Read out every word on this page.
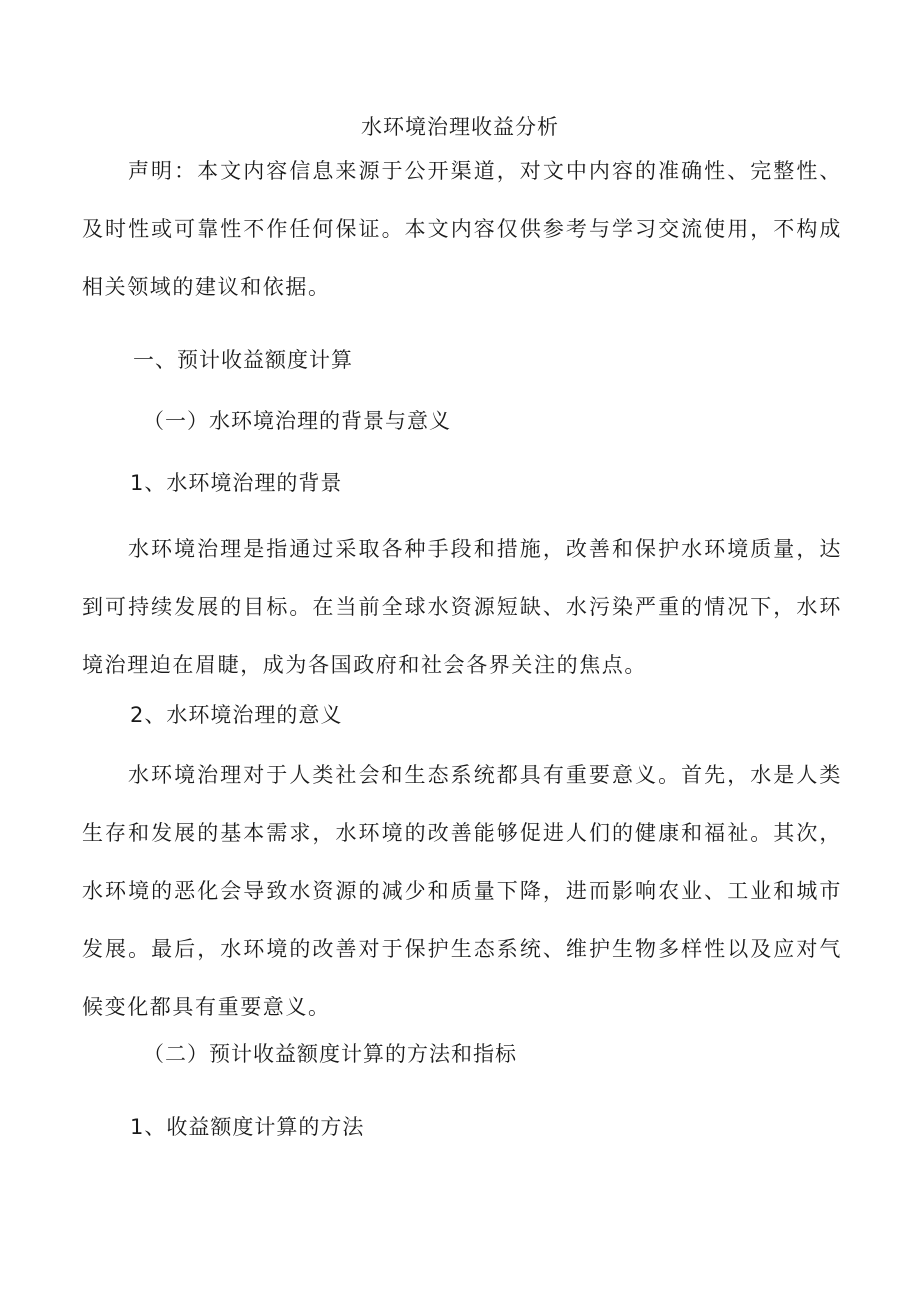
水环境治理收益分析

声明：本文内容信息来源于公开渠道，对文中内容的准确性、完整性、及时性或可靠性不作任何保证。本文内容仅供参考与学习交流使用，不构成相关领域的建议和依据。

一、预计收益额度计算
（一）水环境治理的背景与意义
1、水环境治理的背景

水环境治理是指通过采取各种手段和措施，改善和保护水环境质量，达到可持续发展的目标。在当前全球水资源短缺、水污染严重的情况下，水环境治理迫在眉睫，成为各国政府和社会各界关注的焦点。

2、水环境治理的意义

水环境治理对于人类社会和生态系统都具有重要意义。首先，水是人类生存和发展的基本需求，水环境的改善能够促进人们的健康和福祉。其次，水环境的恶化会导致水资源的减少和质量下降，进而影响农业、工业和城市发展。最后，水环境的改善对于保护生态系统、维护生物多样性以及应对气候变化都具有重要意义。

（二）预计收益额度计算的方法和指标
1、收益额度计算的方法
